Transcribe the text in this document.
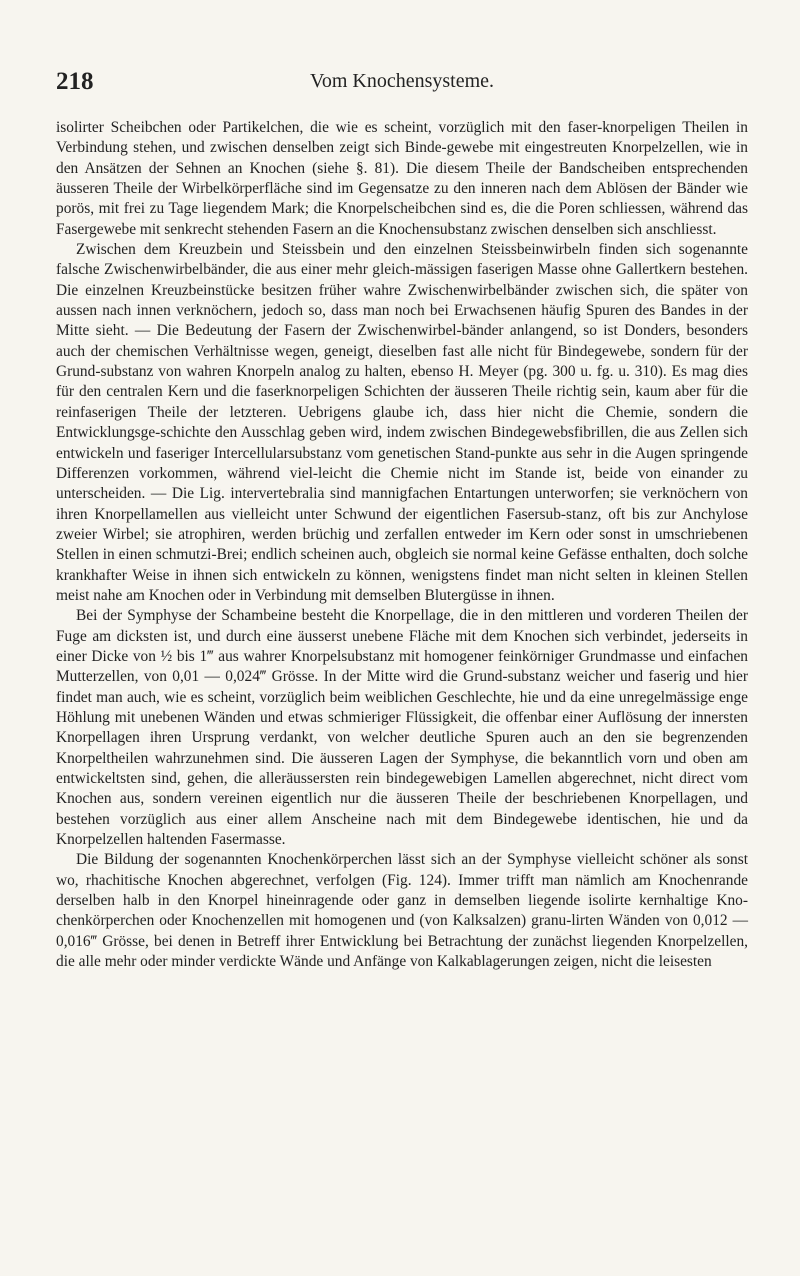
218	Vom Knochensysteme.

isolirter Scheibchen oder Partikelchen, die wie es scheint, vorzüglich mit den faser-knorpeligen Theilen in Verbindung stehen, und zwischen denselben zeigt sich Binde-gewebe mit eingestreuten Knorpelzellen, wie in den Ansätzen der Sehnen an Knochen (siehe §. 81). Die diesem Theile der Bandscheiben entsprechenden äusseren Theile der Wirbelkörperfläche sind im Gegensatze zu den inneren nach dem Ablösen der Bänder wie porös, mit frei zu Tage liegendem Mark; die Knorpelscheibchen sind es, die die Poren schliessen, während das Fasergewebe mit senkrecht stehenden Fasern an die Knochensubstanz zwischen denselben sich anschliesst.

Zwischen dem Kreuzbein und Steissbein und den einzelnen Steissbeinwirbeln finden sich sogenannte falsche Zwischenwirbelbänder, die aus einer mehr gleich-mässigen faserigen Masse ohne Gallertkern bestehen. Die einzelnen Kreuzbeinstücke besitzen früher wahre Zwischenwirbelbänder zwischen sich, die später von aussen nach innen verknöchern, jedoch so, dass man noch bei Erwachsenen häufig Spuren des Bandes in der Mitte sieht. — Die Bedeutung der Fasern der Zwischenwirbel-bänder anlangend, so ist Donders, besonders auch der chemischen Verhältnisse wegen, geneigt, dieselben fast alle nicht für Bindegewebe, sondern für der Grund-substanz von wahren Knorpeln analog zu halten, ebenso H. Meyer (pg. 300 u. fg. u. 310). Es mag dies für den centralen Kern und die faserknorpeligen Schichten der äusseren Theile richtig sein, kaum aber für die reinfaserigen Theile der letzteren. Uebrigens glaube ich, dass hier nicht die Chemie, sondern die Entwicklungsge-schichte den Ausschlag geben wird, indem zwischen Bindegewebsfibrillen, die aus Zellen sich entwickeln und faseriger Intercellularsubstanz vom genetischen Stand-punkte aus sehr in die Augen springende Differenzen vorkommen, während viel-leicht die Chemie nicht im Stande ist, beide von einander zu unterscheiden. — Die Lig. intervertebralia sind mannigfachen Entartungen unterworfen; sie verknöchern von ihren Knorpellamellen aus vielleicht unter Schwund der eigentlichen Fasersub-stanz, oft bis zur Anchylose zweier Wirbel; sie atrophiren, werden brüchig und zerfallen entweder im Kern oder sonst in umschriebenen Stellen in einen schmutzi-Brei; endlich scheinen auch, obgleich sie normal keine Gefässe enthalten, doch solche krankhafter Weise in ihnen sich entwickeln zu können, wenigstens findet man nicht selten in kleinen Stellen meist nahe am Knochen oder in Verbindung mit demselben Blutergüsse in ihnen.

Bei der Symphyse der Schambeine besteht die Knorpellage, die in den mittleren und vorderen Theilen der Fuge am dicksten ist, und durch eine äusserst unebene Fläche mit dem Knochen sich verbindet, jederseits in einer Dicke von ½ bis 1‴ aus wahrer Knorpelsubstanz mit homogener feinkörniger Grundmasse und einfachen Mutterzellen, von 0,01 — 0,024‴ Grösse. In der Mitte wird die Grund-substanz weicher und faserig und hier findet man auch, wie es scheint, vorzüglich beim weiblichen Geschlechte, hie und da eine unregelmässige enge Höhlung mit unebenen Wänden und etwas schmieriger Flüssigkeit, die offenbar einer Auflösung der innersten Knorpellagen ihren Ursprung verdankt, von welcher deutliche Spuren auch an den sie begrenzenden Knorpeltheilen wahrzunehmen sind. Die äusseren Lagen der Symphyse, die bekanntlich vorn und oben am entwickeltsten sind, gehen, die alleräussersten rein bindegewebigen Lamellen abgerechnet, nicht direct vom Knochen aus, sondern vereinen eigentlich nur die äusseren Theile der beschriebenen Knorpellagen, und bestehen vorzüglich aus einer allem Anscheine nach mit dem Bindegewebe identischen, hie und da Knorpelzellen haltenden Fasermasse.

Die Bildung der sogenannten Knochenkörperchen lässt sich an der Symphyse vielleicht schöner als sonst wo, rhachitische Knochen abgerechnet, verfolgen (Fig. 124). Immer trifft man nämlich am Knochenrande derselben halb in den Knorpel hineinragende oder ganz in demselben liegende isolirte kernhaltige Kno-chenkörperchen oder Knochenzellen mit homogenen und (von Kalksalzen) granu-lirten Wänden von 0,012 — 0,016‴ Grösse, bei denen in Betreff ihrer Entwicklung bei Betrachtung der zunächst liegenden Knorpelzellen, die alle mehr oder minder verdickte Wände und Anfänge von Kalkablagerungen zeigen, nicht die leisesten
